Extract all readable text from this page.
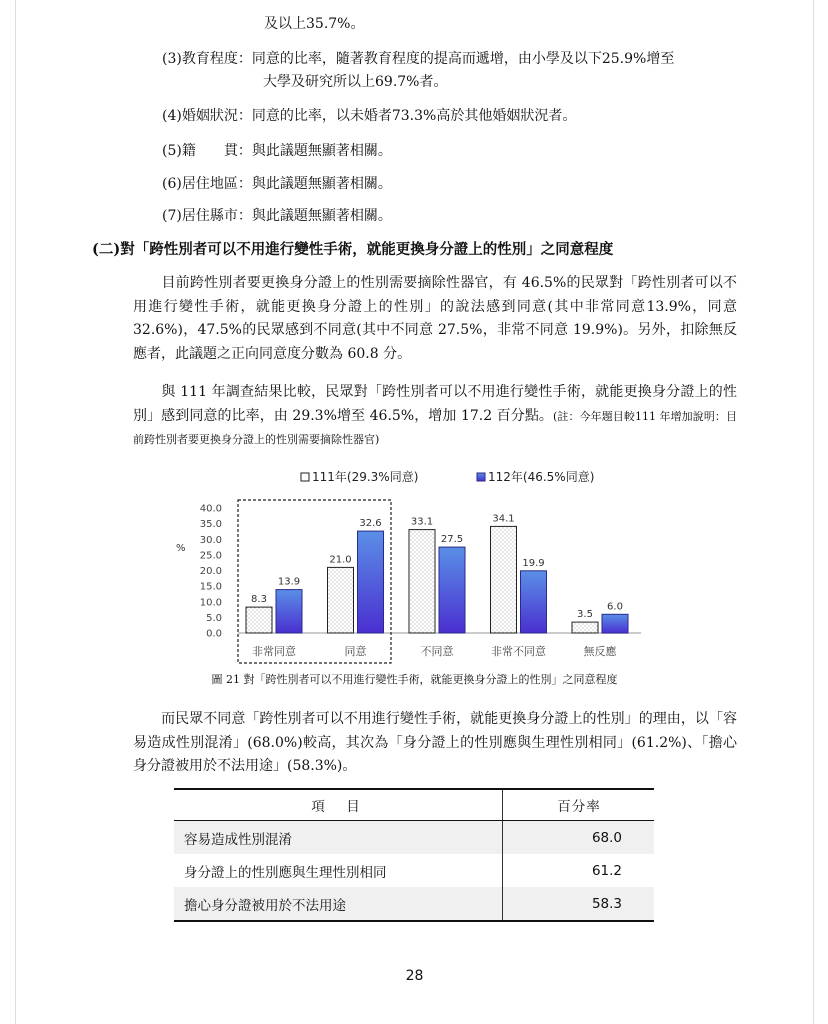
及以上35.7%。
(3)教育程度：同意的比率，隨著教育程度的提高而遞增，由小學及以下25.9%增至
大學及研究所以上69.7%者。
(4)婚姻狀況：同意的比率，以未婚者73.3%高於其他婚姻狀況者。
(5)籍　　貫：與此議題無顯著相關。
(6)居住地區：與此議題無顯著相關。
(7)居住縣市：與此議題無顯著相關。
(二)對「跨性別者可以不用進行變性手術，就能更換身分證上的性別」之同意程度
　　目前跨性別者要更換身分證上的性別需要摘除性器官，有 46.5%的民眾對「跨性別者可以不用進行變性手術，就能更換身分證上的性別」的說法感到同意(其中非常同意13.9%，同意 32.6%)，47.5%的民眾感到不同意(其中不同意 27.5%，非常不同意 19.9%)。另外，扣除無反應者，此議題之正向同意度分數為 60.8 分。
　　與 111 年調查結果比較，民眾對「跨性別者可以不用進行變性手術，就能更換身分證上的性別」感到同意的比率，由 29.3%增至 46.5%，增加 17.2 百分點。(註：今年題目較111 年增加說明：目前跨性別者要更換身分證上的性別需要摘除性器官)
111年(29.3%同意)	112年(46.5%同意)
%
0.0
5.0
10.0
15.0
20.0
25.0
30.0
35.0
40.0
8.3
13.9
21.0
32.6	33.1
27.5
34.1
19.9
3.5
6.0
非常同意	同意	不同意	非常不同意	無反應
圖 21 對「跨性別者可以不用進行變性手術，就能更換身分證上的性別」之同意程度
　　而民眾不同意「跨性別者可以不用進行變性手術，就能更換身分證上的性別」的理由，以「容易造成性別混淆」(68.0%)較高，其次為「身分證上的性別應與生理性別相同」(61.2%)、「擔心身分證被用於不法用途」(58.3%)。
項　目	百分率
容易造成性別混淆	68.0
身分證上的性別應與生理性別相同	61.2
擔心身分證被用於不法用途	58.3
28
